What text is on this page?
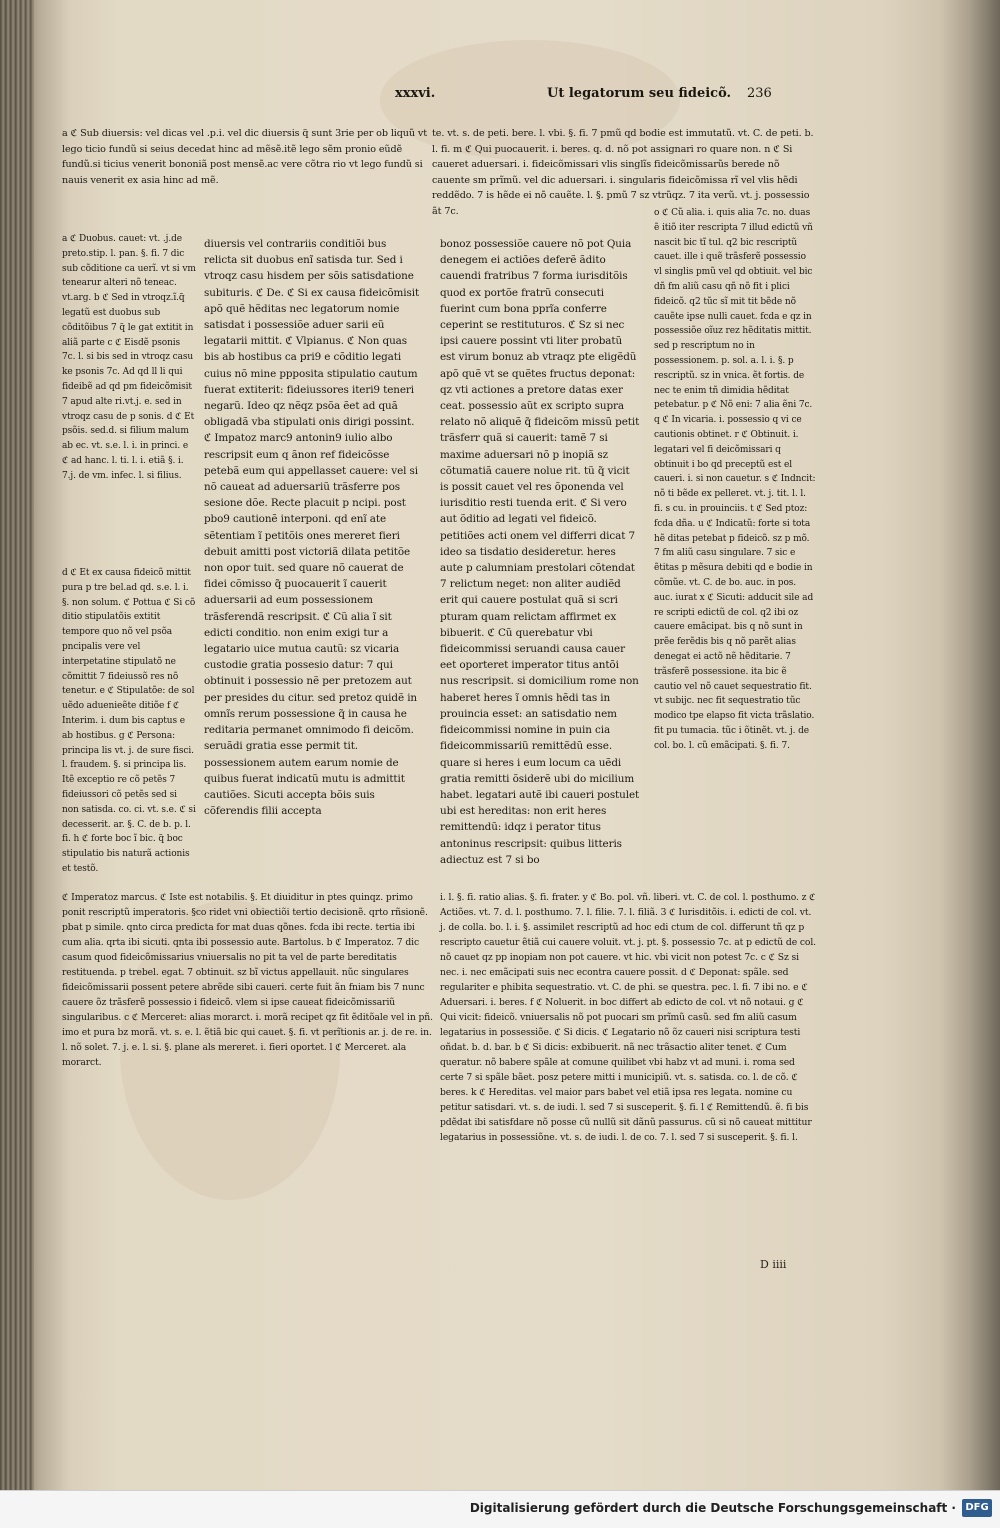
xxxvi.	Ut legatorum seu fideicõ. 236
a ℭ Sub diuersis: vel dicas vel .p.i. vel dic diuersis q̃ sunt 3rie per ob liquũ vt lego ticio fundũ si seius decedat hinc ad mẽsẽ.itẽ lego sẽm pronio eũdẽ fundũ.si ticius venerit bononiã post mensẽ.ac vere cõtra rio vt lego fundũ si nauis venerit ex asia hinc ad mẽ.
te. vt. s. de peti. bere. l. vbi. §. fi. 7 pmũ qd bodie est immutatũ. vt. C. de peti. b. l. fi. m ℭ Qui puocauerit. i. beres. q. d. nõ pot assignari ro quare non. n ℭ Si caueret aduersari. i. fideicõmissari vlis singlĩs fideicõmissarũs berede nõ cauente sm prĩmũ. vel dic aduersari. i. singularis fideicõmissa rĩ vel vlis hẽdi reddẽdo. 7 is hẽde ei nõ cauẽte. l. §. pmũ 7 sz vtrũqz. 7 ita verũ. vt. j. possessio ãt 7c.
a ℭ Duobus. cauet: vt. .j.de preto.stip. l. pan. §. fi. 7 dic sub cõditione ca uerĩ. vt si vm tenearur alteri nõ teneac. vt.arg. b ℭ Sed in vtroqz.ĩ.q̃ legatũ est duobus sub cõditõibus 7 q̃ le gat extitit in aliã parte c ℭ Eisdẽ psonis 7c. l. si bis sed in vtroqz casu ke psonis 7c. Ad qd ll li qui fideibẽ ad qd pm fideicõmisit 7 apud alte ri.vt.j. e. sed in vtroqz casu de p sonis. d ℭ Et psõis. sed.d. si filium malum ab ec. vt. s.e. l. i. in princi. e ℭ ad hanc. l. ti. l. i. etiã §. i. 7.j. de vm. infec. l. si filius.
d ℭ Et ex causa fideicõ mittit pura p tre bel.ad qd. s.e. l. i. §. non solum. ℭ Pottua ℭ Si cõ ditio stipulatõis extitit tempore quo nõ vel psõa pncipalis vere vel interpetatine stipulatõ ne cõmittit 7 fideiussõ res nõ tenetur. e ℭ Stipulatõe: de sol uẽdo aduenieẽte ditiõe f ℭ Interim. i. dum bis captus e ab hostibus. g ℭ Persona: principa lis vt. j. de sure fisci. l. fraudem. §. si principa lis. Itẽ exceptio re cõ petẽs 7 fideiussori cõ petẽs sed si non satisda. co. ci. vt. s.e. ℭ si decesserit. ar. §. C. de b. p. l. fi. h ℭ forte boc ĩ bic. q̃ boc stipulatio bis naturã actionis et testõ.
diuersis vel contrariis conditiõi bus relicta sit duobus enĩ satisda tur. Sed i vtroqz casu hisdem per sõis satisdatione subituris. ℭ De. ℭ Si ex causa fideicõmisit apõ quẽ hẽditas nec legatorum nomie satisdat i possessiõe aduer sarii eũ legatarii mittit. ℭ Vlpianus. ℭ Non quas bis ab hostibus ca pri9 e cõditio legati cuius nõ mine ppposita stipulatio cautum fuerat extiterit: fideiussores iteri9 teneri negarũ. Ideo qz nẽqz psõa ẽet ad quã obligadã vba stipulati onis dirigi possint. ℭ Impatoz marc9 antonin9 iulio albo rescripsit eum q ãnon ref fideicõsse petebã eum qui appellasset cauere: vel si nõ caueat ad aduersariũ trãsferre pos sesione dõe. Recte placuit p ncipi. post pbo9 cautionẽ interponi. qd enĩ ate sẽtentiam ĩ petitõis ones mereret fieri debuit amitti post victoriã dilata petitõe non opor tuit. sed quare nõ cauerat de fidei cõmisso q̃ puocauerit ĩ cauerit aduersarii ad eum possessionem trãsferendã rescripsit. ℭ Cũ alia ĩ sit edicti conditio. non enim exigi tur a legatario uice mutua cautũ: sz vicaria custodie gratia possesio datur: 7 qui obtinuit i possessio nẽ per pretozem aut per presides du citur. sed pretoz quidẽ in omnĩs rerum possessione q̃ in causa he reditaria permanet omnimodo fi deicõm. seruãdi gratia esse permit tit. possessionem autem earum nomie de quibus fuerat indicatũ mutu is admittit cautiões. Sicuti accepta bõis suis cõferendis filii accepta
bonoz possessiõe cauere nõ pot Quia denegem ei actiões deferẽ ãdito cauendi fratribus 7 forma iurisditõis quod ex portõe fratrũ consecuti fuerint cum bona pprĩa conferre ceperint se restituturos. ℭ Sz si nec ipsi cauere possint vti liter probatũ est virum bonuz ab vtraqz pte eligẽdũ apõ quẽ vt se quẽtes fructus deponat: qz vti actiones a pretore datas exer ceat. possessio aũt ex scripto supra relato nõ aliquẽ q̃ fideicõm missũ petit trãsferr quã si cauerit: tamẽ 7 si maxime aduersari nõ p inopiã sz cõtumatiã cauere nolue rit. tũ q̃ vicit is possit cauet vel res õponenda vel iurisditio resti tuenda erit. ℭ Si vero aut õditio ad legati vel fideicõ. petitiões acti onem vel differri dicat 7 ideo sa tisdatio desideretur. heres aute p calumniam prestolari cõtendat 7 relictum neget: non aliter audiẽd erit qui cauere postulat quã si scri pturam quam relictam affirmet ex bibuerit. ℭ Cũ querebatur vbi fideicommissi seruandi causa cauer eet oporteret imperator titus antõi nus rescripsit. si domicilium rome non haberet heres ĩ omnis hẽdi tas in prouincia esset: an satisdatio nem fideicommissi nomine in puin cia fideicommissariũ remittẽdũ esse. quare si heres i eum locum ca uẽdi gratia remitti õsiderẽ ubi do micilium habet. legatari autẽ ibi caueri postulet ubi est hereditas: non erit heres remittendũ: idqz i perator titus antoninus rescripsit: quibus litteris adiectuz est 7 si bo
o ℭ Cũ alia. i. quis alia 7c. no. duas ẽ itiõ iter rescripta 7 illud edictũ vñ nascit bic tĩ tul. q2 bic rescriptũ cauet. ille i quẽ trãsferẽ possessio vl singlis pmũ vel qd obtiuit. vel bic dñ fm aliũ casu qñ nõ fit i plici fideicõ. q2 tũc sĩ mit tit bẽde nõ cauẽte ipse nulli cauet. fcda e qz in possessiõe oĩuz rez hẽditatis mittit. sed p rescriptum no in possessionem. p. sol. a. l. i. §. p rescriptũ. sz in vnica. ẽt fortis. de nec te enim tñ dimidia hẽditat petebatur. p ℭ Nõ eni: 7 alia ẽni 7c. q ℭ In vicaria. i. possessio q vi ce cautionis obtinet. r ℭ Obtinuit. i. legatari vel fi deicõmissari q obtinuit i bo qd preceptũ est el caueri. i. si non cauetur. s ℭ Indncit: nõ ti bẽde ex pelleret. vt. j. tit. l. l. fi. s cu. in prouinciis. t ℭ Sed ptoz: fcda dña. u ℭ Indicatũ: forte si tota hẽ ditas petebat p fideicõ. sz p mõ. 7 fm aliũ casu singulare. 7 sic e ẽtitas p mẽsura debiti qd e bodie in cõmũe. vt. C. de bo. auc. in pos. auc. iurat x ℭ Sicuti: adducit sile ad re scripti edictũ de col. q2 ibi oz cauere emãcipat. bis q nõ sunt in prẽe ferẽdis bis q nõ parẽt alias denegat ei actõ nẽ hẽditarie. 7 trãsferẽ possessione. ita bic ẽ cautio vel nõ cauet sequestratio fit. vt subijc. nec fit sequestratio tũc modico tpe elapso fit victa trãslatio. fit pu tumacia. tũc i õtinẽt. vt. j. de col. bo. l. cũ emãcipati. §. fi. 7.
ℭ Imperatoz marcus. ℭ Iste est notabilis. §. Et diuiditur in ptes quinqz. primo ponit rescriptũ imperatoris. §co ridet vni obiectiõi tertio decisionẽ. qrto rñsionẽ. pbat p simile. qnto circa predicta for mat duas qõnes. fcda ibi recte. tertia ibi cum alia. qrta ibi sicuti. qnta ibi possessio aute. Bartolus. b ℭ Imperatoz. 7 dic casum quod fideicõmissarius vniuersalis no pit ta vel de parte bereditatis restituenda. p trebel. egat. 7 obtinuit. sz bĩ victus appellauit. nũc singulares fideicõmissarii possent petere abrẽde sibi caueri. certe fuit ãn fniam bis 7 nunc cauere õz trãsferẽ possessio i fideicõ. vlem si ipse caueat fideicõmissariũ singularibus. c ℭ Merceret: alias morarct. i. morã recipet qz fit ẽditõale vel in pñ. imo et pura bz morã. vt. s. e. l. ẽtiã bic qui cauet. §. fi. vt perĩtionis ar. j. de re. in. l. nõ solet. 7. j. e. l. si. §. plane als mereret. i. fieri oportet. l ℭ Merceret. ala morarct.
i. l. §. fi. ratio alias. §. fi. frater. y ℭ Bo. pol. vñ. liberi. vt. C. de col. l. posthumo. z ℭ Actiões. vt. 7. d. l. posthumo. 7. l. filie. 7. l. filiã. 3 ℭ Iurisditõis. i. edicti de col. vt. j. de colla. bo. l. i. §. assimilet rescriptũ ad hoc edi ctum de col. differunt tñ qz p rescripto cauetur ẽtiã cui cauere voluit. vt. j. pt. §. possessio 7c. at p edictũ de col. nõ cauet qz pp inopiam non pot cauere. vt hic. vbi vicit non potest 7c. c ℭ Sz si nec. i. nec emãcipati suis nec econtra cauere possit. d ℭ Deponat: spãle. sed regulariter e phibita sequestratio. vt. C. de phi. se questra. pec. l. fi. 7 ibi no. e ℭ Aduersari. i. beres. f ℭ Noluerit. in boc differt ab edicto de col. vt nõ notaui. g ℭ Qui vicit: fideicõ. vniuersalis nõ pot puocari sm prĩmũ casũ. sed fm aliũ casum legatarius in possessiõe. ℭ Si dicis. ℭ Legatario nõ õz caueri nisi scriptura testi oñdat. b. d. bar. b ℭ Si dicis: exbibuerit. nã nec trãsactio aliter tenet. ℭ Cum queratur. nõ babere spãle at comune quilibet vbi habz vt ad muni. i. roma sed certe 7 si spãle bãet. posz petere mitti i municipiũ. vt. s. satisda. co. l. de cõ. ℭ beres. k ℭ Hereditas. vel maior pars babet vel etiã ipsa res legata. nomine cu petitur satisdari. vt. s. de iudi. l. sed 7 si susceperit. §. fi. l ℭ Remittendũ. ẽ. fi bis pdẽdat ibi satisfdare nõ posse cũ nullũ sit dãnũ passurus. cũ si nõ caueat mittitur legatarius in possessiõne. vt. s. de iudi. l. de co. 7. l. sed 7 si susceperit. §. fi. l.
D iiii
Digitalisierung gefördert durch die Deutsche Forschungsgemeinschaft · DFG
